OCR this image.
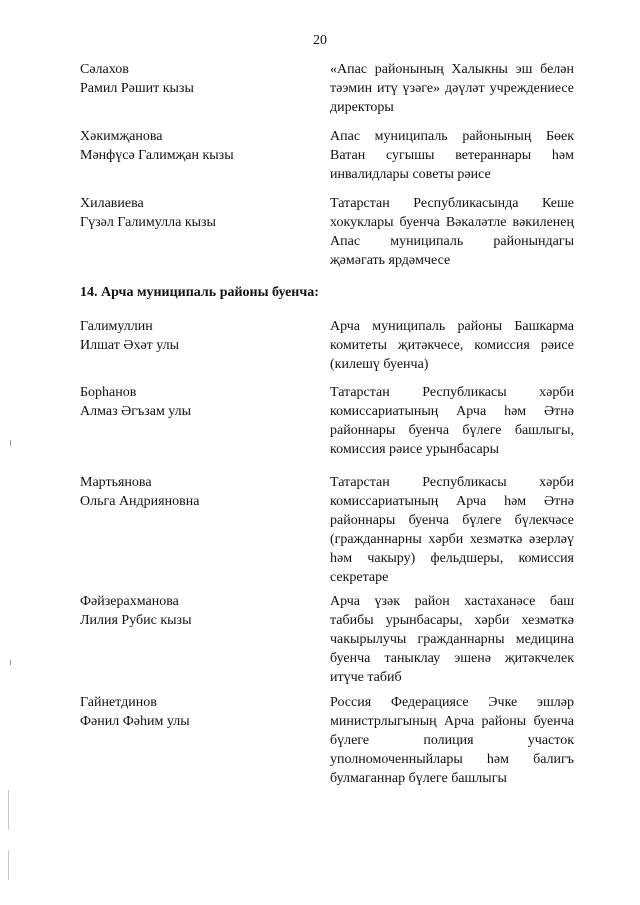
20
Сәлахов
Рамил Рәшит кызы
«Апас районының Халыкны эш белән тәэмин итү үзәге» дәүләт учреждениесе директоры
Хәкимҗанова
Мәнфүсә Галимҗан кызы
Апас муниципаль районының Бөек Ватан сугышы ветераннары һәм инвалидлары советы рәисе
Хилавиева
Гүзәл Галимулла кызы
Татарстан Республикасында Кеше хокуклары буенча Вәкаләтле вәкиленең Апас муниципаль районындагы җәмәгать ярдәмчесе
14. Арча муниципаль районы буенча:
Галимуллин
Илшат Әхәт улы
Арча муниципаль районы Башкарма комитеты җитәкчесе, комиссия рәисе (килешү буенча)
Борһанов
Алмаз Әгъзам улы
Татарстан Республикасы хәрби комиссариатының Арча һәм Әтнә районнары буенча бүлеге башлыгы, комиссия рәисе урынбасары
Мартьянова
Ольга Андрияновна
Татарстан Республикасы хәрби комиссариатының Арча һәм Әтнә районнары буенча бүлеге бүлекчәсе (гражданнарны хәрби хезмәткә әзерләү һәм чакыру) фельдшеры, комиссия секретаре
Фәйзерахманова
Лилия Рубис кызы
Арча үзәк район хастаханәсе баш табибы урынбасары, хәрби хезмәткә чакырылучы гражданнарны медицина буенча таныклау эшенә җитәкчелек итүче табиб
Гайнетдинов
Фәнил Фәһим улы
Россия Федерациясе Эчке эшләр министрлыгының Арча районы буенча бүлеге полиция участок уполномоченныйлары һәм балигъ булмаганнар бүлеге башлыгы
